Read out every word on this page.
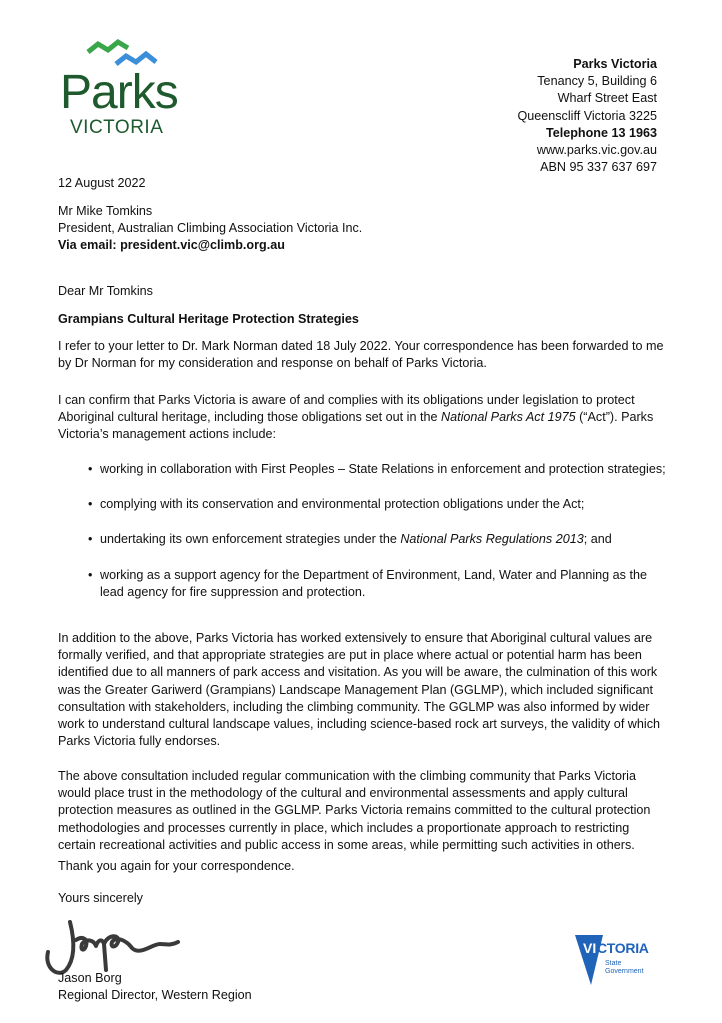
Parks
VICTORIA
Parks Victoria
Tenancy 5, Building 6
Wharf Street East
Queenscliff Victoria 3225
Telephone 13 1963
www.parks.vic.gov.au
ABN 95 337 637 697
12 August 2022
Mr Mike Tomkins
President, Australian Climbing Association Victoria Inc.
Via email: president.vic@climb.org.au
Dear Mr Tomkins
Grampians Cultural Heritage Protection Strategies

I refer to your letter to Dr. Mark Norman dated 18 July 2022. Your correspondence has been forwarded to me by Dr Norman for my consideration and response on behalf of Parks Victoria.

I can confirm that Parks Victoria is aware of and complies with its obligations under legislation to protect Aboriginal cultural heritage, including those obligations set out in the National Parks Act 1975 (“Act”). Parks Victoria’s management actions include:

• working in collaboration with First Peoples – State Relations in enforcement and protection strategies;
• complying with its conservation and environmental protection obligations under the Act;
• undertaking its own enforcement strategies under the National Parks Regulations 2013; and
• working as a support agency for the Department of Environment, Land, Water and Planning as the lead agency for fire suppression and protection.

In addition to the above, Parks Victoria has worked extensively to ensure that Aboriginal cultural values are formally verified, and that appropriate strategies are put in place where actual or potential harm has been identified due to all manners of park access and visitation. As you will be aware, the culmination of this work was the Greater Gariwerd (Grampians) Landscape Management Plan (GGLMP), which included significant consultation with stakeholders, including the climbing community. The GGLMP was also informed by wider work to understand cultural landscape values, including science-based rock art surveys, the validity of which Parks Victoria fully endorses.

The above consultation included regular communication with the climbing community that Parks Victoria would place trust in the methodology of the cultural and environmental assessments and apply cultural protection measures as outlined in the GGLMP. Parks Victoria remains committed to the cultural protection methodologies and processes currently in place, which includes a proportionate approach to restricting certain recreational activities and public access in some areas, while permitting such activities in others.

Thank you again for your correspondence.

Yours sincerely
Jason Borg
Regional Director, Western Region
VI CTORIA
State
Government
